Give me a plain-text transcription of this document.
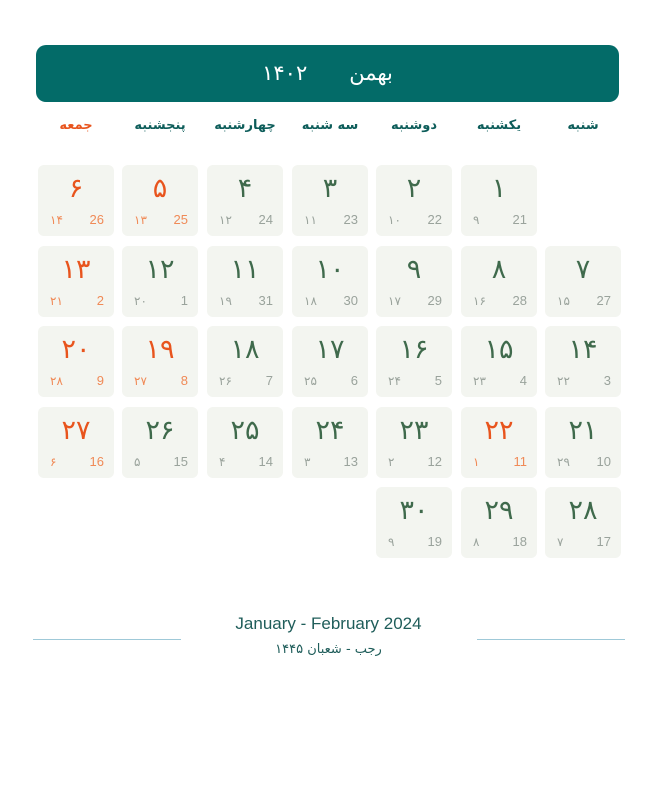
بهمن
۱۴۰۲
شنبه
یکشنبه
دوشنبه
سه شنبه
چهارشنبه
پنجشنبه
جمعه
۱
21
۹
۲
22
۱۰
۳
23
۱۱
۴
24
۱۲
۵
25
۱۳
۶
26
۱۴
۷
27
۱۵
۸
28
۱۶
۹
29
۱۷
۱۰
30
۱۸
۱۱
31
۱۹
۱۲
1
۲۰
۱۳
2
۲۱
۱۴
3
۲۲
۱۵
4
۲۳
۱۶
5
۲۴
۱۷
6
۲۵
۱۸
7
۲۶
۱۹
8
۲۷
۲۰
9
۲۸
۲۱
10
۲۹
۲۲
11
۱
۲۳
12
۲
۲۴
13
۳
۲۵
14
۴
۲۶
15
۵
۲۷
16
۶
۲۸
17
۷
۲۹
18
۸
۳۰
19
۹
January - February 2024
رجب - شعبان ۱۴۴۵
